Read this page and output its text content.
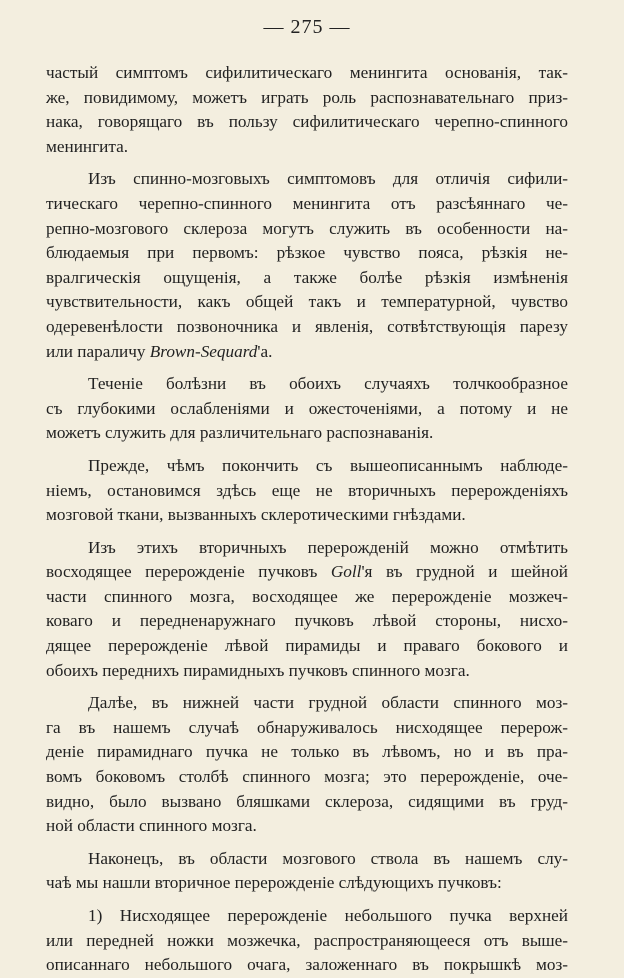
— 275 —
частый симптомъ сифилитическаго менингита основанія, так-
же, повидимому, можетъ играть роль распознавательнаго приз-
нака, говорящаго въ пользу сифилитическаго черепно-спинного
менингита.
Изъ спинно-мозговыхъ симптомовъ для отличія сифили-
тическаго черепно-спинного менингита отъ разсѣяннаго че-
репно-мозгового склероза могутъ служить въ особенности на-
блюдаемыя при первомъ: рѣзкое чувство пояса, рѣзкія не-
вралгическія ощущенія, а также болѣе рѣзкія измѣненія
чувствительности, какъ общей такъ и температурной, чувство
одеревенѣлости позвоночника и явленія, сотвѣтствующія парезу
или параличу Brown-Sequard'а.
Теченіе болѣзни въ обоихъ случаяхъ толчкообразное
съ глубокими ослабленіями и ожесточеніями, а потому и не
можетъ служить для различительнаго распознаванія.
Прежде, чѣмъ покончить съ вышеописаннымъ наблюде-
ніемъ, остановимся здѣсь еще не вторичныхъ перерожденіяхъ
мозговой ткани, вызванныхъ склеротическими гнѣздами.
Изъ этихъ вторичныхъ перерожденій можно отмѣтить
восходящее перерожденіе пучковъ Goll'я въ грудной и шейной
части спинного мозга, восходящее же перерожденіе мозжеч-
коваго и передненаружнаго пучковъ лѣвой стороны, нисхо-
дящее перерожденіе лѣвой пирамиды и праваго бокового и
обоихъ переднихъ пирамидныхъ пучковъ спинного мозга.
Далѣе, въ нижней части грудной области спинного моз-
га въ нашемъ случаѣ обнаруживалось нисходящее перерож-
деніе пирамиднаго пучка не только въ лѣвомъ, но и въ пра-
вомъ боковомъ столбѣ спинного мозга; это перерожденіе, оче-
видно, было вызвано бляшками склероза, сидящими въ груд-
ной области спинного мозга.
Наконецъ, въ области мозгового ствола въ нашемъ слу-
чаѣ мы нашли вторичное перерожденіе слѣдующихъ пучковъ:
1) Нисходящее перерожденіе небольшого пучка верхней
или передней ножки мозжечка, распространяющееся отъ выше-
описаннаго небольшого очага, заложеннаго въ покрышкѣ моз-
